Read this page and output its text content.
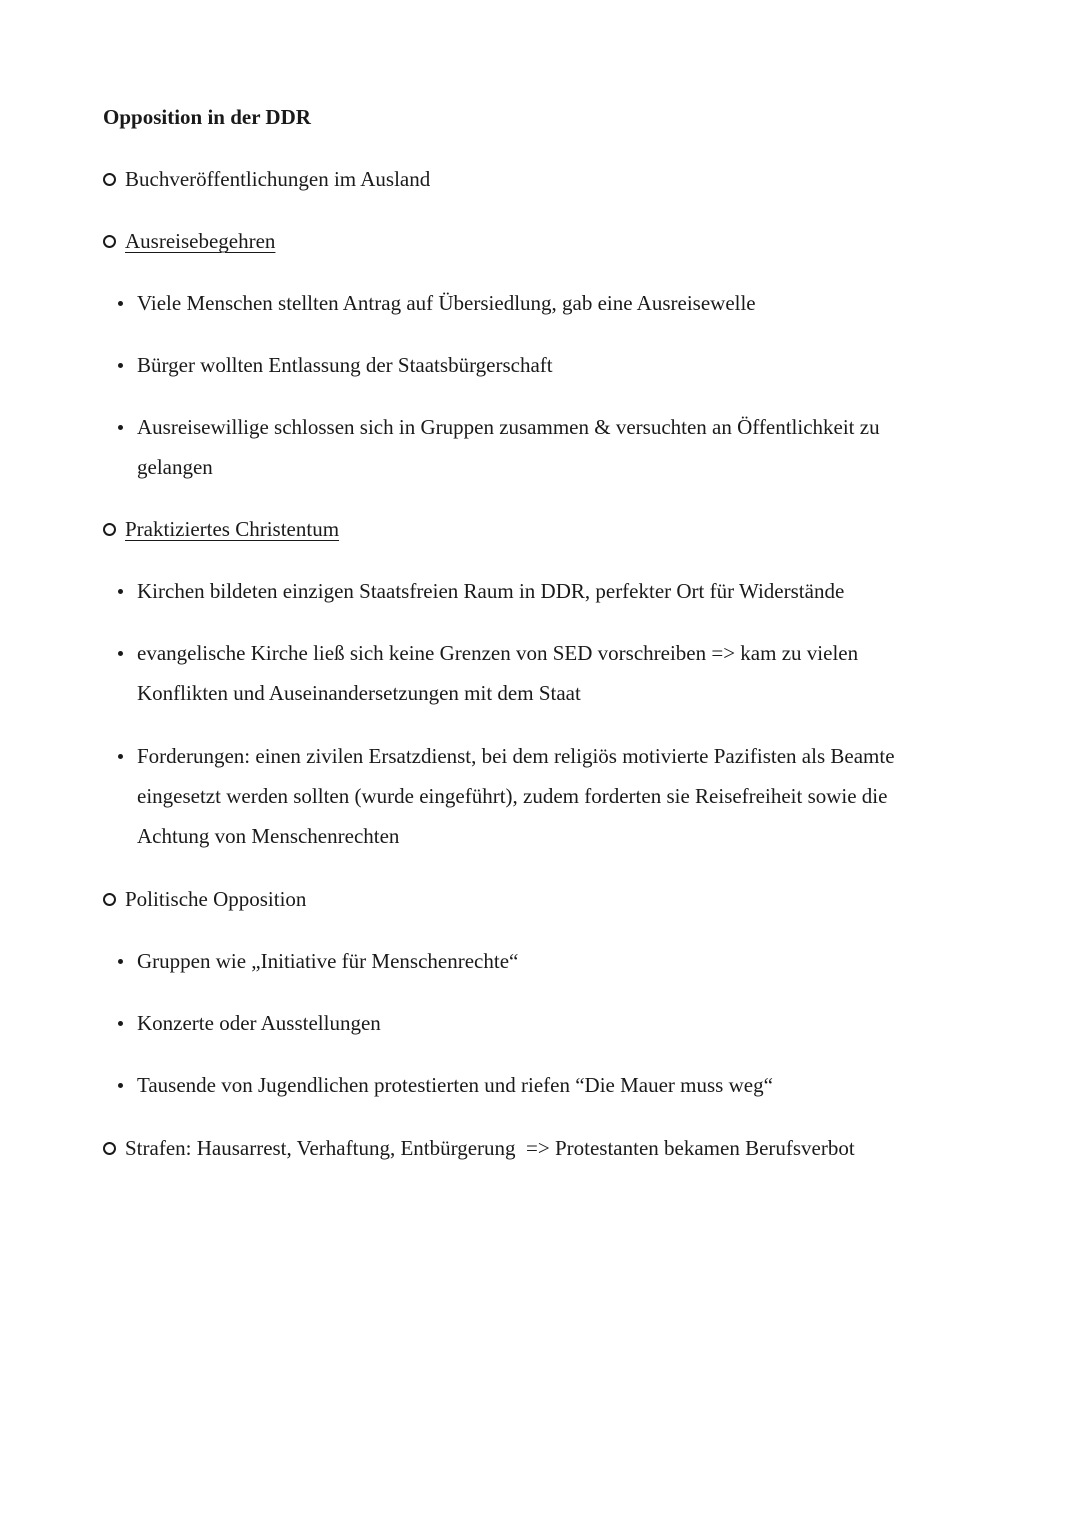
Opposition in der DDR
Buchveröffentlichungen im Ausland
Ausreisebegehren
Viele Menschen stellten Antrag auf Übersiedlung, gab eine Ausreisewelle
Bürger wollten Entlassung der Staatsbürgerschaft
Ausreisewillige schlossen sich in Gruppen zusammen & versuchten an Öffentlichkeit zu gelangen
Praktiziertes Christentum
Kirchen bildeten einzigen Staatsfreien Raum in DDR, perfekter Ort für Widerstände
evangelische Kirche ließ sich keine Grenzen von SED vorschreiben => kam zu vielen Konflikten und Auseinandersetzungen mit dem Staat
Forderungen: einen zivilen Ersatzdienst, bei dem religiös motivierte Pazifisten als Beamte eingesetzt werden sollten (wurde eingeführt), zudem forderten sie Reisefreiheit sowie die Achtung von Menschenrechten
Politische Opposition
Gruppen wie „Initiative für Menschenrechte“
Konzerte oder Ausstellungen
Tausende von Jugendlichen protestierten und riefen “Die Mauer muss weg“
Strafen: Hausarrest, Verhaftung, Entbürgerung  => Protestanten bekamen Berufsverbot
